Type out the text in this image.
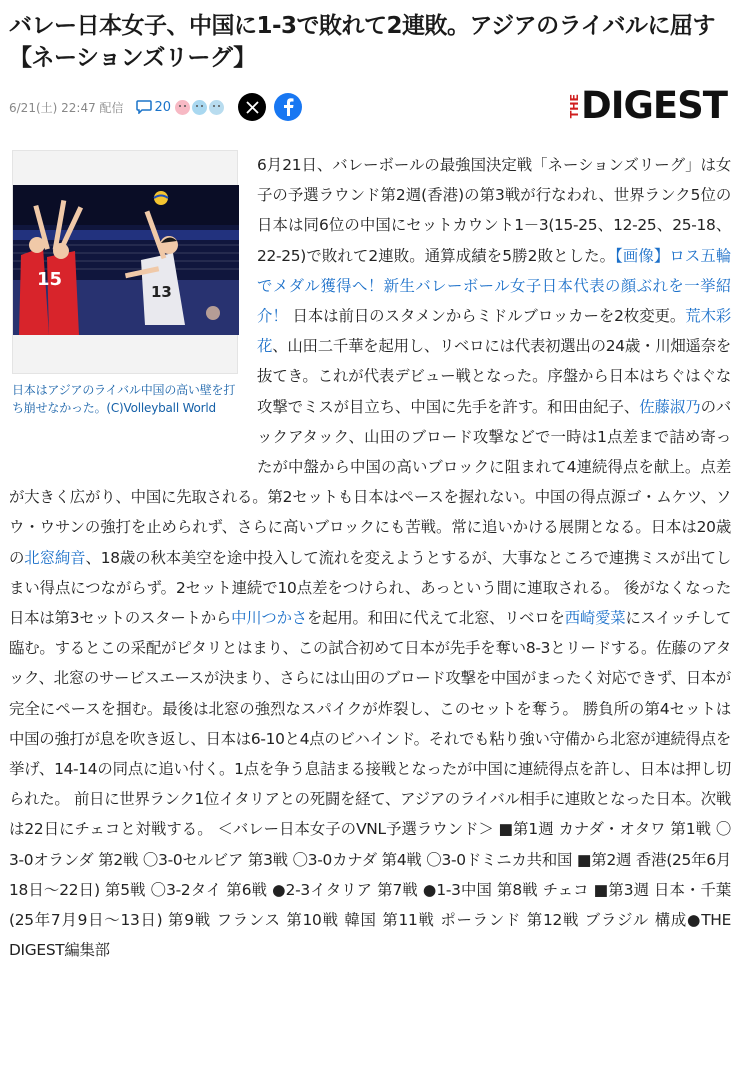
バレー日本女子、中国に1-3で敗れて2連敗。アジアのライバルに屈す【ネーションズリーグ】
6/21(土) 22:47 配信 20	THE DIGEST
15
13
日本はアジアのライバル中国の高い壁を打ち崩せなかった。(C)Volleyball World
6月21日、バレーボールの最強国決定戦「ネーションズリーグ」は女子の予選ラウンド第2週(香港)の第3戦が行なわれ、世界ランク5位の日本は同6位の中国にセットカウント1－3(15-25、12-25、25-18、22-25)で敗れて2連敗。通算成績を5勝2敗とした。【画像】ロス五輪でメダル獲得へ！新生バレーボール女子日本代表の顔ぶれを一挙紹介！ 日本は前日のスタメンからミドルブロッカーを2枚変更。荒木彩花、山田二千華を起用し、リベロには代表初選出の24歳・川畑遥奈を抜てき。これが代表デビュー戦となった。序盤から日本はちぐはぐな攻撃でミスが目立ち、中国に先手を許す。和田由紀子、佐藤淑乃のバックアタック、山田のブロード攻撃などで一時は1点差まで詰め寄ったが中盤から中国の高いブロックに阻まれて4連続得点を献上。点差が大きく広がり、中国に先取される。第2セットも日本はペースを握れない。中国の得点源ゴ・ムケツ、ソウ・ウサンの強打を止められず、さらに高いブロックにも苦戦。常に追いかける展開となる。日本は20歳の北窓絢音、18歳の秋本美空を途中投入して流れを変えようとするが、大事なところで連携ミスが出てしまい得点につながらず。2セット連続で10点差をつけられ、あっという間に連取される。 後がなくなった日本は第3セットのスタートから中川つかさを起用。和田に代えて北窓、リベロを西崎愛菜にスイッチして臨む。するとこの采配がピタリとはまり、この試合初めて日本が先手を奪い8-3とリードする。佐藤のアタック、北窓のサービスエースが決まり、さらには山田のブロード攻撃を中国がまったく対応できず、日本が完全にペースを掴む。最後は北窓の強烈なスパイクが炸裂し、このセットを奪う。 勝負所の第4セットは中国の強打が息を吹き返し、日本は6-10と4点のビハインド。それでも粘り強い守備から北窓が連続得点を挙げ、14-14の同点に追い付く。1点を争う息詰まる接戦となったが中国に連続得点を許し、日本は押し切られた。 前日に世界ランク1位イタリアとの死闘を経て、アジアのライバル相手に連敗となった日本。次戦は22日にチェコと対戦する。 ＜バレー日本女子のVNL予選ラウンド＞ ■第1週 カナダ・オタワ 第1戦 〇3-0オランダ 第2戦 〇3-0セルビア 第3戦 〇3-0カナダ 第4戦 〇3-0ドミニカ共和国 ■第2週 香港(25年6月18日～22日) 第5戦 〇3-2タイ 第6戦 ●2-3イタリア 第7戦 ●1-3中国 第8戦 チェコ ■第3週 日本・千葉(25年7月9日～13日) 第9戦 フランス 第10戦 韓国 第11戦 ポーランド 第12戦 ブラジル 構成●THE DIGEST編集部
